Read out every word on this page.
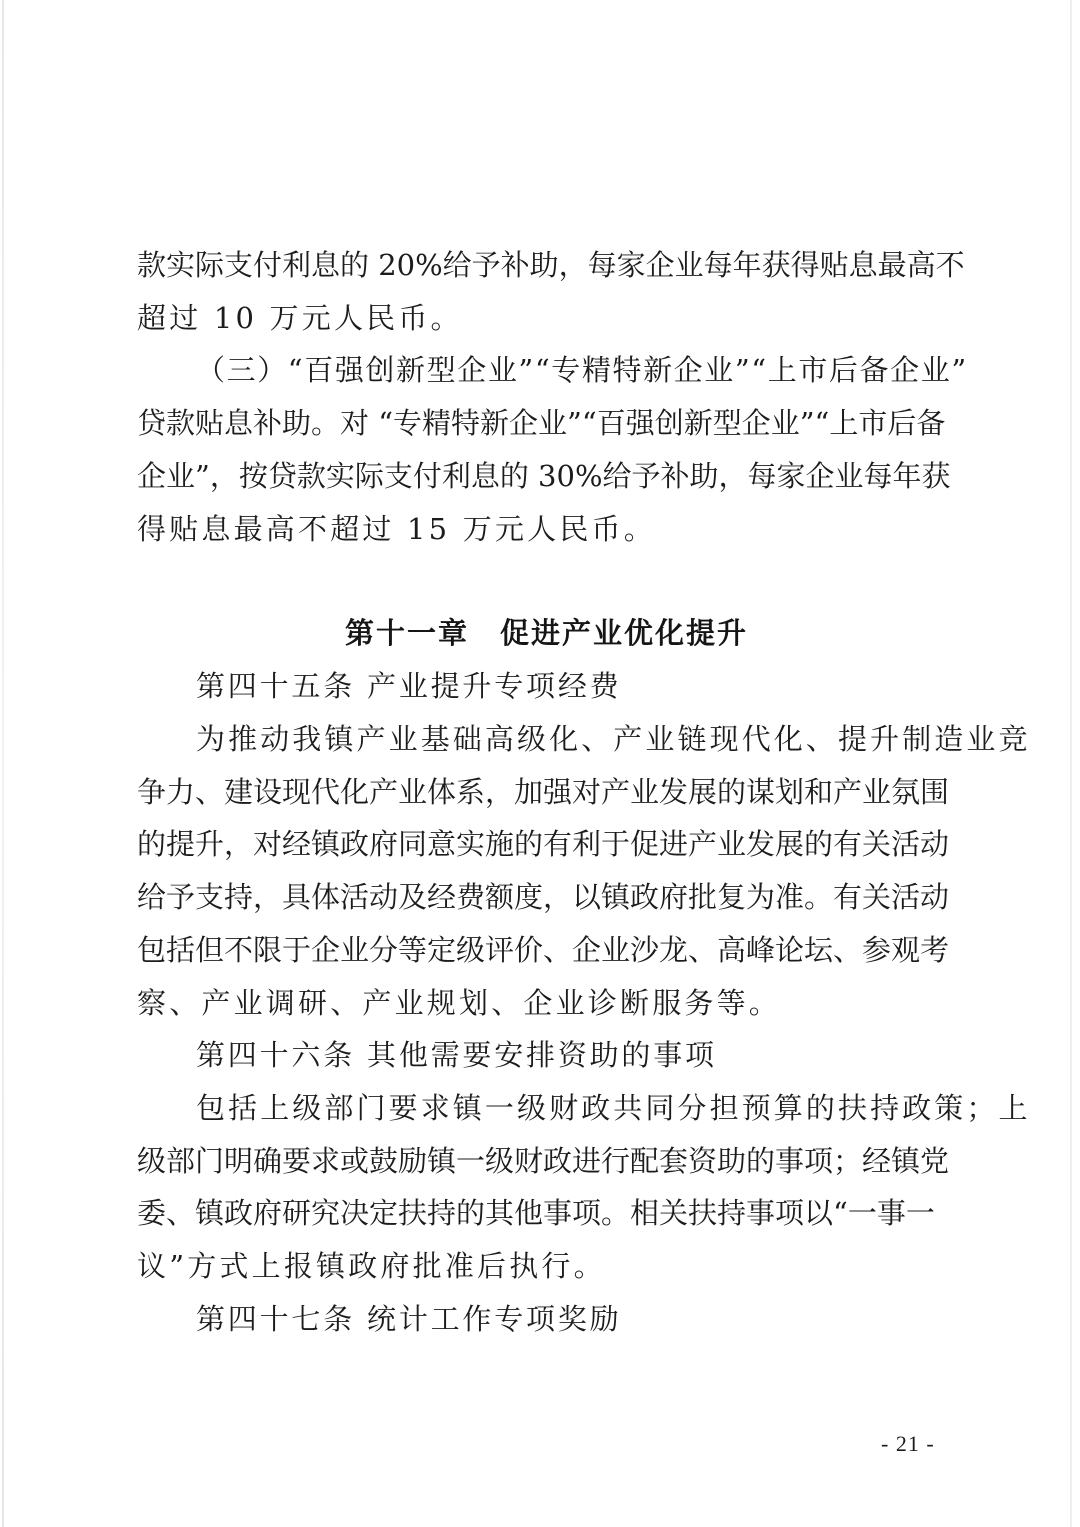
款实际支付利息的 20%给予补助，每家企业每年获得贴息最高不
超过 10 万元人民币。
（三）“百强创新型企业”“专精特新企业”“上市后备企业”
贷款贴息补助。对 “专精特新企业”“百强创新型企业”“上市后备
企业”，按贷款实际支付利息的 30%给予补助，每家企业每年获
得贴息最高不超过 15 万元人民币。
第十一章　促进产业优化提升
第四十五条 产业提升专项经费
为推动我镇产业基础高级化、产业链现代化、提升制造业竞
争力、建设现代化产业体系，加强对产业发展的谋划和产业氛围
的提升，对经镇政府同意实施的有利于促进产业发展的有关活动
给予支持，具体活动及经费额度，以镇政府批复为准。有关活动
包括但不限于企业分等定级评价、企业沙龙、高峰论坛、参观考
察、产业调研、产业规划、企业诊断服务等。
第四十六条 其他需要安排资助的事项
包括上级部门要求镇一级财政共同分担预算的扶持政策；上
级部门明确要求或鼓励镇一级财政进行配套资助的事项；经镇党
委、镇政府研究决定扶持的其他事项。相关扶持事项以“一事一
议”方式上报镇政府批准后执行。
第四十七条 统计工作专项奖励
- 21 -
